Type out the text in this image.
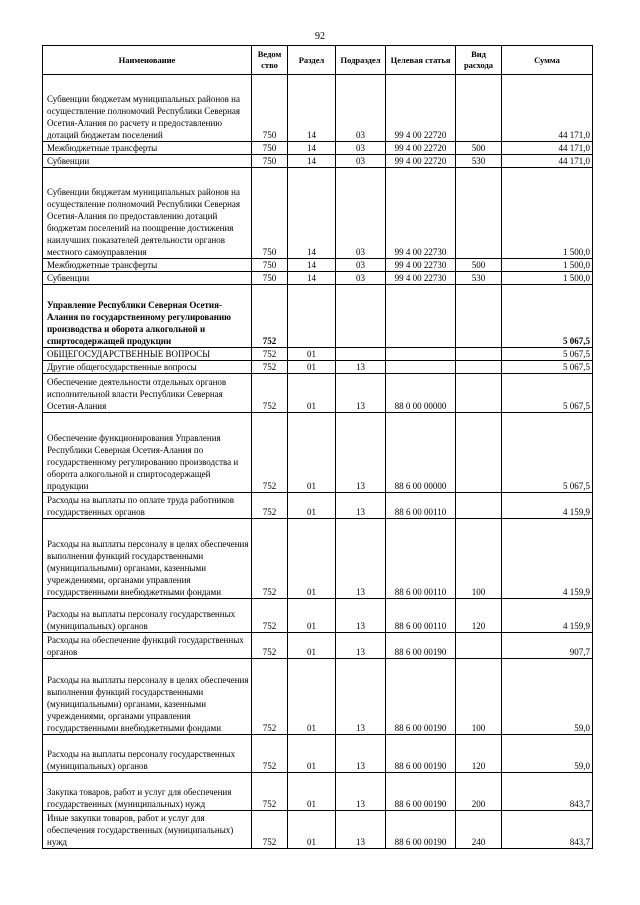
92
Наименование	Ведом ство	Раздел	Подраздел	Целевая статья	Вид расхода	Сумма
Субвенции бюджетам муниципальных районов на осуществление полномочий Республики Северная Осетия-Алания по расчету и предоставлению дотаций бюджетам поселений	750	14	03	99 4 00 22720		44 171,0
Межбюджетные трансферты	750	14	03	99 4 00 22720	500	44 171,0
Субвенции	750	14	03	99 4 00 22720	530	44 171,0
Субвенции бюджетам муниципальных районов на осуществление полномочий Республики Северная Осетия-Алания по предоставлению дотаций бюджетам поселений на поощрение достижения наилучших показателей деятельности органов местного самоуправления	750	14	03	99 4 00 22730		1 500,0
Межбюджетные трансферты	750	14	03	99 4 00 22730	500	1 500,0
Субвенции	750	14	03	99 4 00 22730	530	1 500,0
Управление Республики Северная Осетия-Алания по государственному регулированию производства и оборота алкогольной и спиртосодержащей продукции	752					5 067,5
ОБЩЕГОСУДАРСТВЕННЫЕ ВОПРОСЫ	752	01				5 067,5
Другие общегосударственные вопросы	752	01	13			5 067,5
Обеспечение деятельности отдельных органов исполнительной власти Республики Северная Осетия-Алания	752	01	13	88 0 00 00000		5 067,5
Обеспечение функционирования Управления Республики Северная Осетия-Алания по государственному регулированию производства и оборота алкогольной и спиртосодержащей продукции	752	01	13	88 6 00 00000		5 067,5
Расходы на выплаты по оплате труда работников государственных органов	752	01	13	88 6 00 00110		4 159,9
Расходы на выплаты персоналу в целях обеспечения выполнения функций государственными (муниципальными) органами, казенными учреждениями, органами управления государственными внебюджетными фондами	752	01	13	88 6 00 00110	100	4 159,9
Расходы на выплаты персоналу государственных (муниципальных) органов	752	01	13	88 6 00 00110	120	4 159,9
Расходы на обеспечение функций государственных органов	752	01	13	88 6 00 00190		907,7
Расходы на выплаты персоналу в целях обеспечения выполнения функций государственными (муниципальными) органами, казенными учреждениями, органами управления государственными внебюджетными фондами	752	01	13	88 6 00 00190	100	59,0
Расходы на выплаты персоналу государственных (муниципальных) органов	752	01	13	88 6 00 00190	120	59,0
Закупка товаров, работ и услуг для обеспечения государственных (муниципальных) нужд	752	01	13	88 6 00 00190	200	843,7
Иные закупки товаров, работ и услуг для обеспечения государственных (муниципальных) нужд	752	01	13	88 6 00 00190	240	843,7
